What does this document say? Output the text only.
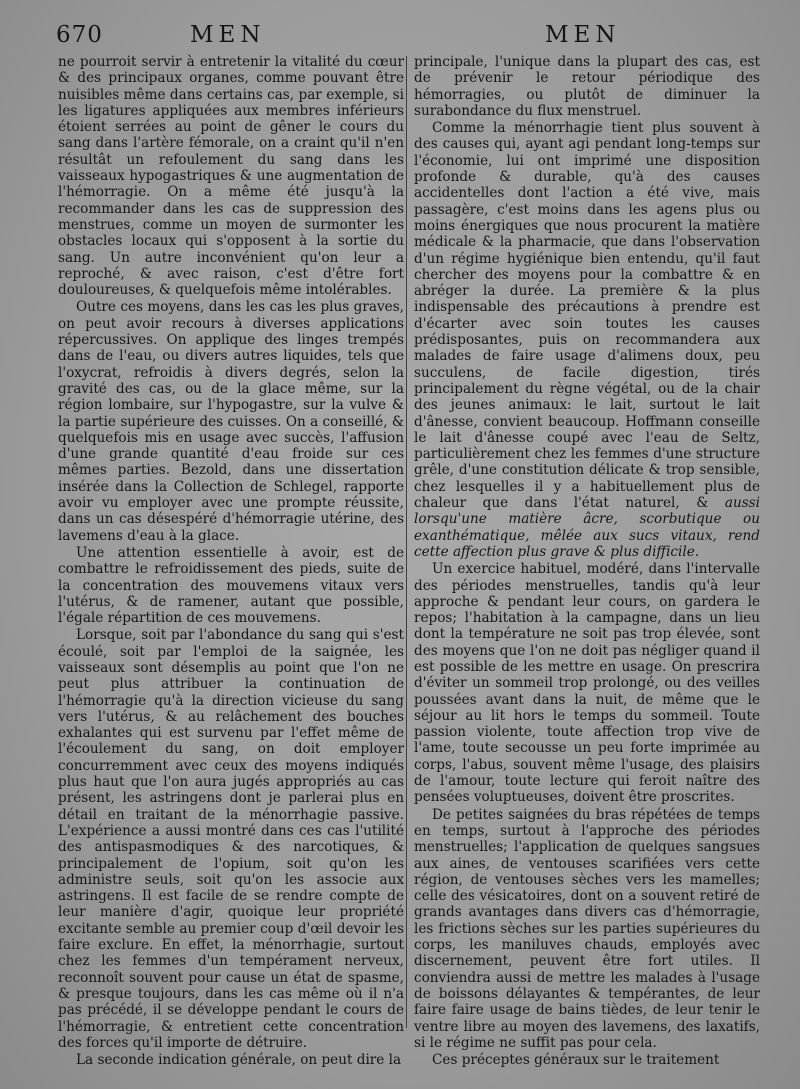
670	MEN	MEN

ne pourroit servir à entretenir la vitalité du cœur & des principaux organes, comme pouvant être nuisibles même dans certains cas, par exemple, si les ligatures appliquées aux membres inférieurs étoient serrées au point de gêner le cours du sang dans l'artère fémorale, on a craint qu'il n'en résultât un refoulement du sang dans les vaisseaux hypogastriques & une augmentation de l'hémorragie. On a même été jusqu'à la recommander dans les cas de suppression des menstrues, comme un moyen de surmonter les obstacles locaux qui s'opposent à la sortie du sang. Un autre inconvénient qu'on leur a reproché, & avec raison, c'est d'être fort douloureuses, & quelquefois même intolérables.

Outre ces moyens, dans les cas les plus graves, on peut avoir recours à diverses applications répercussives. On applique des linges trempés dans de l'eau, ou divers autres liquides, tels que l'oxycrat, refroidis à divers degrés, selon la gravité des cas, ou de la glace même, sur la région lombaire, sur l'hypogastre, sur la vulve & la partie supérieure des cuisses. On a conseillé, & quelquefois mis en usage avec succès, l'affusion d'une grande quantité d'eau froide sur ces mêmes parties. Bezold, dans une dissertation insérée dans la Collection de Schlegel, rapporte avoir vu employer avec une prompte réussite, dans un cas désespéré d'hémorragie utérine, des lavemens d'eau à la glace.

Une attention essentielle à avoir, est de combattre le refroidissement des pieds, suite de la concentration des mouvemens vitaux vers l'utérus, & de ramener, autant que possible, l'égale répartition de ces mouvemens.

Lorsque, soit par l'abondance du sang qui s'est écoulé, soit par l'emploi de la saignée, les vaisseaux sont désemplis au point que l'on ne peut plus attribuer la continuation de l'hémorragie qu'à la direction vicieuse du sang vers l'utérus, & au relâchement des bouches exhalantes qui est survenu par l'effet même de l'écoulement du sang, on doit employer concurremment avec ceux des moyens indiqués plus haut que l'on aura jugés appropriés au cas présent, les astringens dont je parlerai plus en détail en traitant de la ménorrhagie passive. L'expérience a aussi montré dans ces cas l'utilité des antispasmodiques & des narcotiques, & principalement de l'opium, soit qu'on les administre seuls, soit qu'on les associe aux astringens. Il est facile de se rendre compte de leur manière d'agir, quoique leur propriété excitante semble au premier coup d'œil devoir les faire exclure. En effet, la ménorrhagie, surtout chez les femmes d'un tempérament nerveux, reconnoît souvent pour cause un état de spasme, & presque toujours, dans les cas même où il n'a pas précédé, il se développe pendant le cours de l'hémorragie, & entretient cette concentration des forces qu'il importe de détruire.

La seconde indication générale, on peut dire la

principale, l'unique dans la plupart des cas, est de prévenir le retour périodique des hémorragies, ou plutôt de diminuer la surabondance du flux menstruel.

Comme la ménorrhagie tient plus souvent à des causes qui, ayant agi pendant long-temps sur l'économie, lui ont imprimé une disposition profonde & durable, qu'à des causes accidentelles dont l'action a été vive, mais passagère, c'est moins dans les agens plus ou moins énergiques que nous procurent la matière médicale & la pharmacie, que dans l'observation d'un régime hygiénique bien entendu, qu'il faut chercher des moyens pour la combattre & en abréger la durée. La première & la plus indispensable des précautions à prendre est d'écarter avec soin toutes les causes prédisposantes, puis on recommandera aux malades de faire usage d'alimens doux, peu succulens, de facile digestion, tirés principalement du règne végétal, ou de la chair des jeunes animaux: le lait, surtout le lait d'ânesse, convient beaucoup. Hoffmann conseille le lait d'ânesse coupé avec l'eau de Seltz, particulièrement chez les femmes d'une structure grêle, d'une constitution délicate & trop sensible, chez lesquelles il y a habituellement plus de chaleur que dans l'état naturel, & aussi lorsqu'une matière âcre, scorbutique ou exanthématique, mêlée aux sucs vitaux, rend cette affection plus grave & plus difficile.

Un exercice habituel, modéré, dans l'intervalle des périodes menstruelles, tandis qu'à leur approche & pendant leur cours, on gardera le repos; l'habitation à la campagne, dans un lieu dont la température ne soit pas trop élevée, sont des moyens que l'on ne doit pas négliger quand il est possible de les mettre en usage. On prescrira d'éviter un sommeil trop prolongé, ou des veilles poussées avant dans la nuit, de même que le séjour au lit hors le temps du sommeil. Toute passion violente, toute affection trop vive de l'ame, toute secousse un peu forte imprimée au corps, l'abus, souvent même l'usage, des plaisirs de l'amour, toute lecture qui feroit naître des pensées voluptueuses, doivent être proscrites.

De petites saignées du bras répétées de temps en temps, surtout à l'approche des périodes menstruelles; l'application de quelques sangsues aux aines, de ventouses scarifiées vers cette région, de ventouses sèches vers les mamelles; celle des vésicatoires, dont on a souvent retiré de grands avantages dans divers cas d'hémorragie, les frictions sèches sur les parties supérieures du corps, les maniluves chauds, employés avec discernement, peuvent être fort utiles. Il conviendra aussi de mettre les malades à l'usage de boissons délayantes & tempérantes, de leur faire faire usage de bains tièdes, de leur tenir le ventre libre au moyen des lavemens, des laxatifs, si le régime ne suffit pas pour cela.

Ces préceptes généraux sur le traitement
